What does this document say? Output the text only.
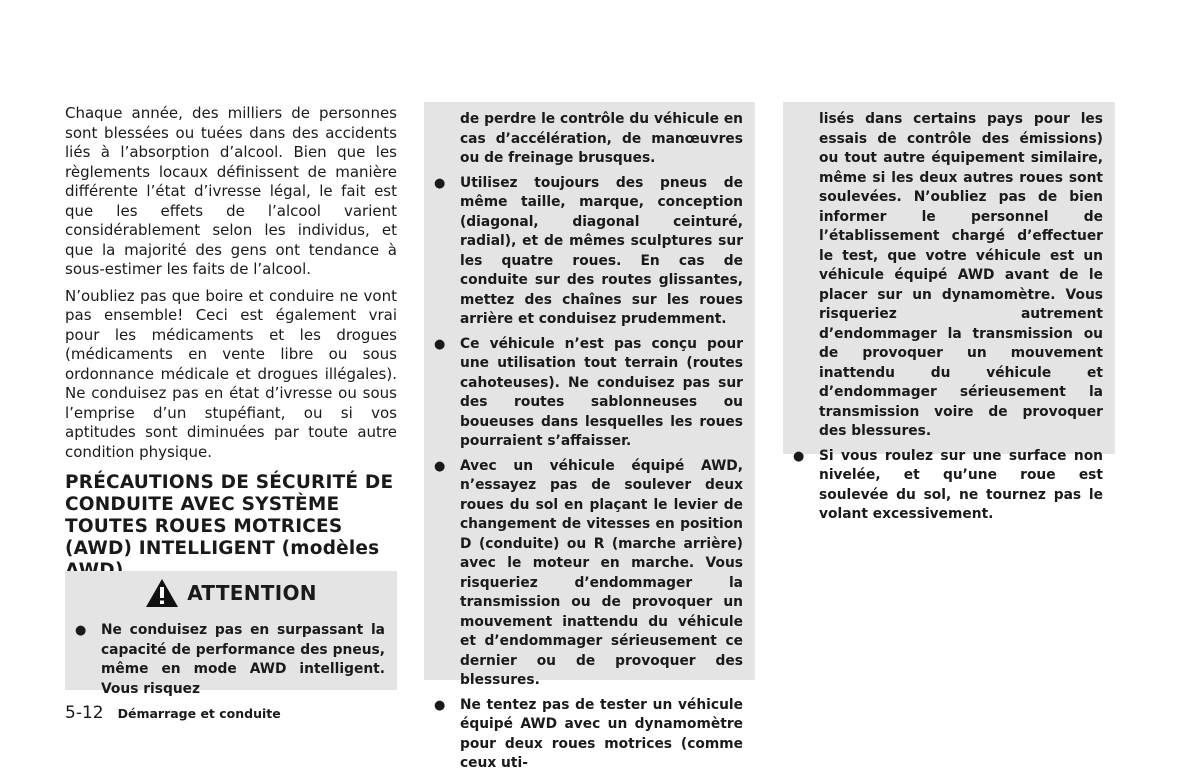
Chaque année, des milliers de personnes sont blessées ou tuées dans des accidents liés à l’absorption d’alcool. Bien que les règlements locaux définissent de manière différente l’état d’ivresse légal, le fait est que les effets de l’alcool varient considérablement selon les individus, et que la majorité des gens ont tendance à sous-estimer les faits de l’alcool.

N’oubliez pas que boire et conduire ne vont pas ensemble! Ceci est également vrai pour les médicaments et les drogues (médicaments en vente libre ou sous ordonnance médicale et drogues illégales). Ne conduisez pas en état d’ivresse ou sous l’emprise d’un stupéfiant, ou si vos aptitudes sont diminuées par toute autre condition physique.

PRÉCAUTIONS DE SÉCURITÉ DE CONDUITE AVEC SYSTÈME TOUTES ROUES MOTRICES (AWD) INTELLIGENT (modèles
ATTENTION
● Ne conduisez pas en surpassant la capacité de performance des pneus, même en mode AWD intelligent. Vous risquez

de perdre le contrôle du véhicule en cas d’accélération, de manœuvres ou de freinage brusques.

● Utilisez toujours des pneus de même taille, marque, conception (diagonal, diagonal ceinturé, radial), et de mêmes sculptures sur les quatre roues. En cas de conduite sur des routes glissantes, mettez des chaînes sur les roues arrière et conduisez prudemment.
● Ce véhicule n’est pas conçu pour une utilisation tout terrain (routes cahoteuses). Ne conduisez pas sur des routes sablonneuses ou boueuses dans lesquelles les roues pourraient s’affaisser.
● Avec un véhicule équipé AWD, n’essayez pas de soulever deux roues du sol en plaçant le levier de changement de vitesses en position D (conduite) ou R (marche arrière) avec le moteur en marche. Vous risqueriez d’endommager la transmission ou de provoquer un mouvement inattendu du véhicule et d’endommager sérieusement ce dernier ou de provoquer des blessures.
● Ne tentez pas de tester un véhicule équipé AWD avec un dynamomètre pour deux roues motrices (comme ceux uti-

lisés dans certains pays pour les essais de contrôle des émissions) ou tout autre équipement similaire, même si les deux autres roues sont soulevées. N’oubliez pas de bien informer le personnel de l’établissement chargé d’effectuer le test, que votre véhicule est un véhicule équipé AWD avant de le placer sur un dynamomètre. Vous risqueriez autrement d’endommager la transmission ou de provoquer un mouvement inattendu du véhicule et d’endommager sérieusement la transmission voire de provoquer des blessures.

● Si vous roulez sur une surface non nivelée, et qu’une roue est soulevée du sol, ne tournez pas le volant excessivement.
5-12 Démarrage et conduite
